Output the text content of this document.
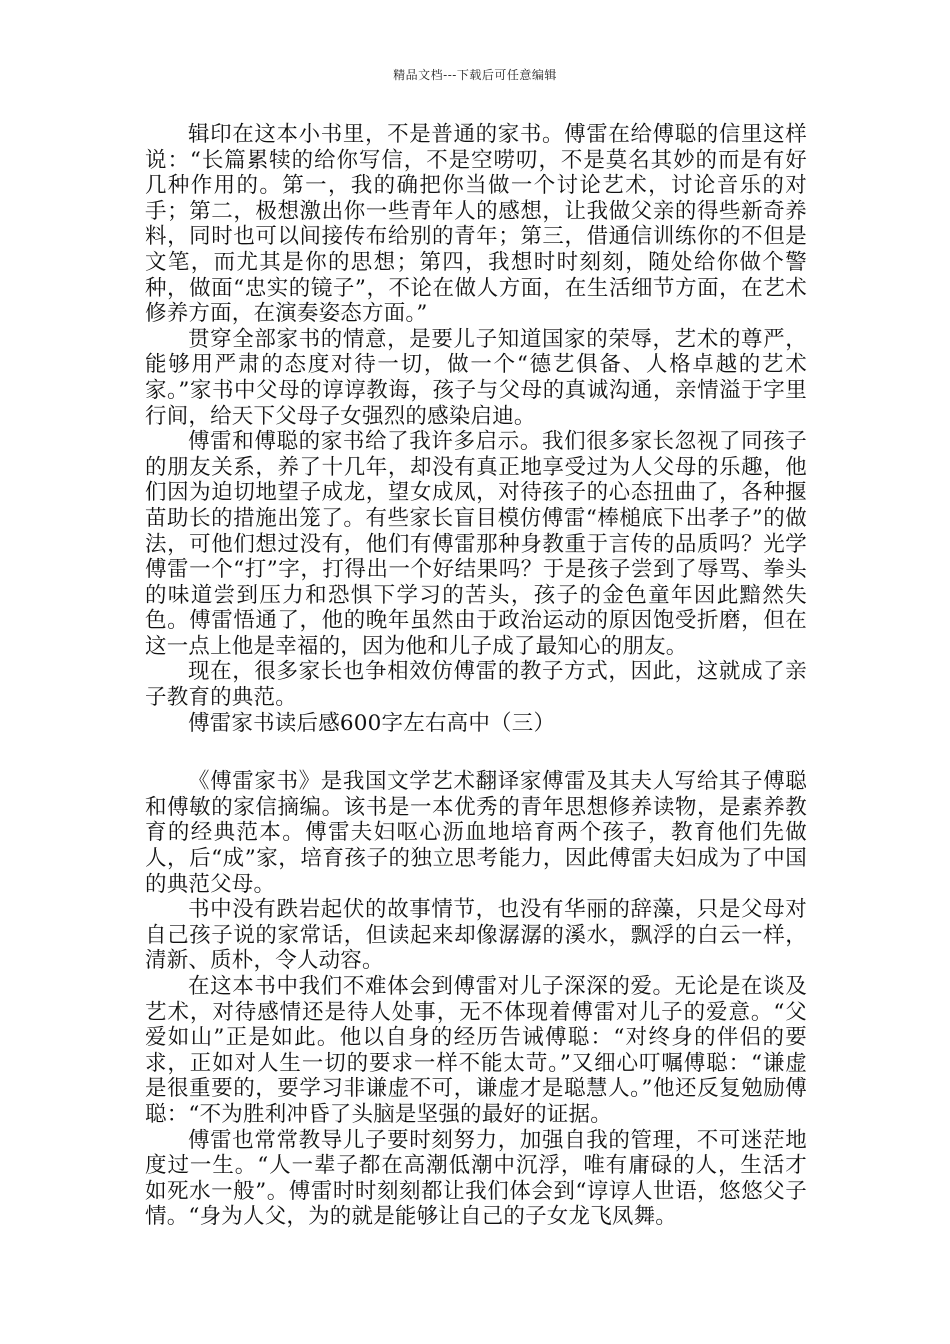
精品文档---下载后可任意编辑

辑印在这本小书里，不是普通的家书。傅雷在给傅聪的信里这样说：“长篇累犊的给你写信，不是空唠叨，不是莫名其妙的而是有好几种作用的。第一，我的确把你当做一个讨论艺术，讨论音乐的对手；第二，极想激出你一些青年人的感想，让我做父亲的得些新奇养料，同时也可以间接传布给别的青年；第三，借通信训练你的不但是文笔，而尤其是你的思想；第四，我想时时刻刻，随处给你做个警种，做面“忠实的镜子”，不论在做人方面，在生活细节方面，在艺术修养方面，在演奏姿态方面。”

贯穿全部家书的情意，是要儿子知道国家的荣辱，艺术的尊严，能够用严肃的态度对待一切，做一个“德艺俱备、人格卓越的艺术家。”家书中父母的谆谆教诲，孩子与父母的真诚沟通，亲情溢于字里行间，给天下父母子女强烈的感染启迪。

傅雷和傅聪的家书给了我许多启示。我们很多家长忽视了同孩子的朋友关系，养了十几年，却没有真正地享受过为人父母的乐趣，他们因为迫切地望子成龙，望女成凤，对待孩子的心态扭曲了，各种揠苗助长的措施出笼了。有些家长盲目模仿傅雷“棒槌底下出孝子”的做法，可他们想过没有，他们有傅雷那种身教重于言传的品质吗？光学傅雷一个“打”字，打得出一个好结果吗？于是孩子尝到了辱骂、拳头的味道尝到压力和恐惧下学习的苦头，孩子的金色童年因此黯然失色。傅雷悟通了，他的晚年虽然由于政治运动的原因饱受折磨，但在这一点上他是幸福的，因为他和儿子成了最知心的朋友。

现在，很多家长也争相效仿傅雷的教子方式，因此，这就成了亲子教育的典范。

傅雷家书读后感600字左右高中（三）

《傅雷家书》是我国文学艺术翻译家傅雷及其夫人写给其子傅聪和傅敏的家信摘编。该书是一本优秀的青年思想修养读物，是素养教育的经典范本。傅雷夫妇呕心沥血地培育两个孩子，教育他们先做人，后“成”家，培育孩子的独立思考能力，因此傅雷夫妇成为了中国的典范父母。

书中没有跌岩起伏的故事情节，也没有华丽的辞藻，只是父母对自己孩子说的家常话，但读起来却像潺潺的溪水，飘浮的白云一样，清新、质朴，令人动容。

在这本书中我们不难体会到傅雷对儿子深深的爱。无论是在谈及艺术，对待感情还是待人处事，无不体现着傅雷对儿子的爱意。“父爱如山”正是如此。他以自身的经历告诫傅聪：“对终身的伴侣的要求，正如对人生一切的要求一样不能太苛。”又细心叮嘱傅聪：“谦虚是很重要的，要学习非谦虚不可，谦虚才是聪慧人。”他还反复勉励傅聪：“不为胜利冲昏了头脑是坚强的最好的证据。

傅雷也常常教导儿子要时刻努力，加强自我的管理，不可迷茫地度过一生。“人一辈子都在高潮低潮中沉浮，唯有庸碌的人，生活才如死水一般”。傅雷时时刻刻都让我们体会到“谆谆人世语，悠悠父子情。“身为人父，为的就是能够让自己的子女龙飞凤舞。
